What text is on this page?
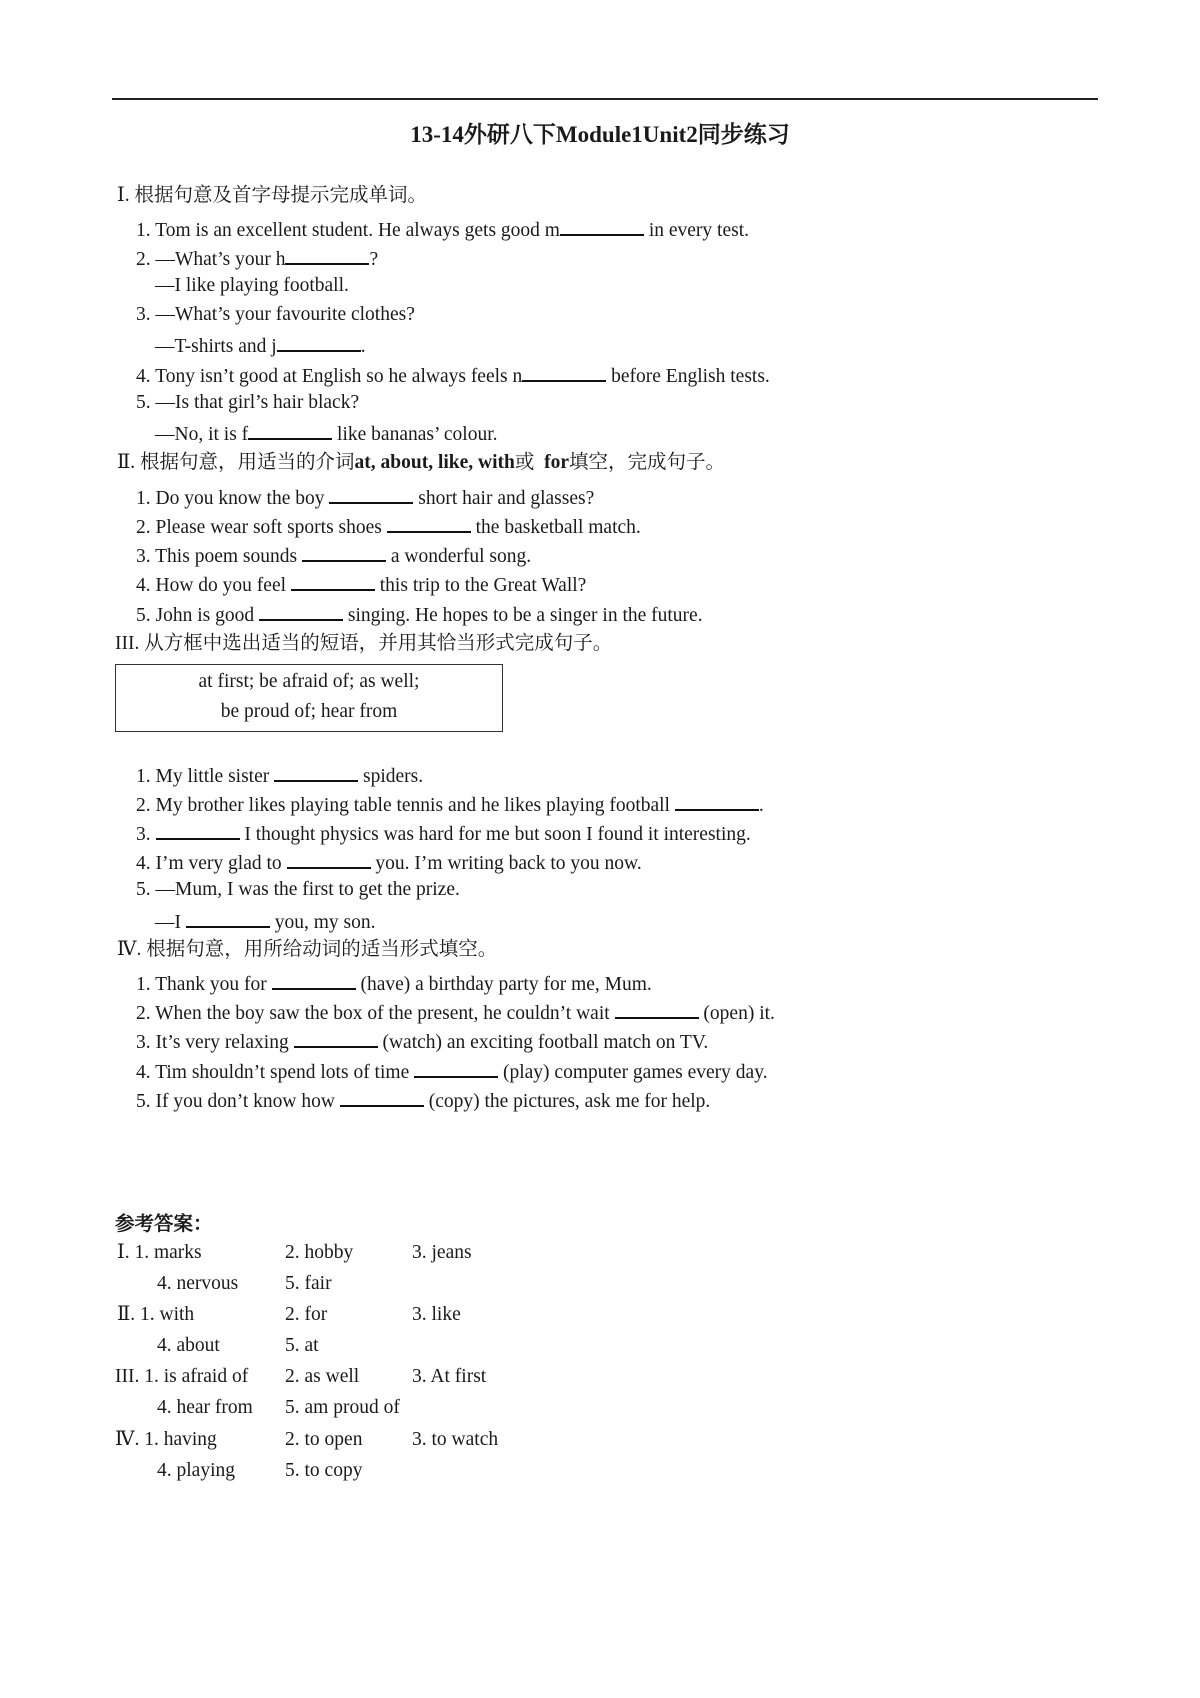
13-14外研八下Module1Unit2同步练习
Ⅰ. 根据句意及首字母提示完成单词。
1. Tom is an excellent student. He always gets good m	in every test.
2. —What’s your h	?
—I like playing football.
3. —What’s your favourite clothes?
—T-shirts and j	.
4. Tony isn’t good at English so he always feels n	before English tests.
5. —Is that girl’s hair black?
—No, it is f	like bananas’ colour.
Ⅱ. 根据句意，用适当的介词at, about, like, with或  for填空，完成句子。
1. Do you know the boy	short hair and glasses?
2. Please wear soft sports shoes	the basketball match.
3. This poem sounds	a wonderful song.
4. How do you feel	this trip to the Great Wall?
5. John is good	singing. He hopes to be a singer in the future.
III. 从方框中选出适当的短语，并用其恰当形式完成句子。
at first; be afraid of; as well;
be proud of; hear from
1. My little sister	spiders.
2. My brother likes playing table tennis and he likes playing football	.
3.	I thought physics was hard for me but soon I found it interesting.
4. I’m very glad to	you. I’m writing back to you now.
5. —Mum, I was the first to get the prize.
—I	you, my son.
Ⅳ. 根据句意，用所给动词的适当形式填空。
1. Thank you for	(have) a birthday party for me, Mum.
2. When the boy saw the box of the present, he couldn’t wait	(open) it.
3. It’s very relaxing	(watch) an exciting football match on TV.
4. Tim shouldn’t spend lots of time	(play) computer games every day.
5. If you don’t know how	(copy) the pictures, ask me for help.
参考答案：
Ⅰ. 1. marks	2. hobby	3. jeans
4. nervous 5. fair
Ⅱ. 1. with	2. for	3. like
4. about	5. at
III. 1. is afraid of 2. as well	3. At first
4. hear from 5. am proud of
Ⅳ. 1. having	2. to open	3. to watch
4. playing	5. to copy
